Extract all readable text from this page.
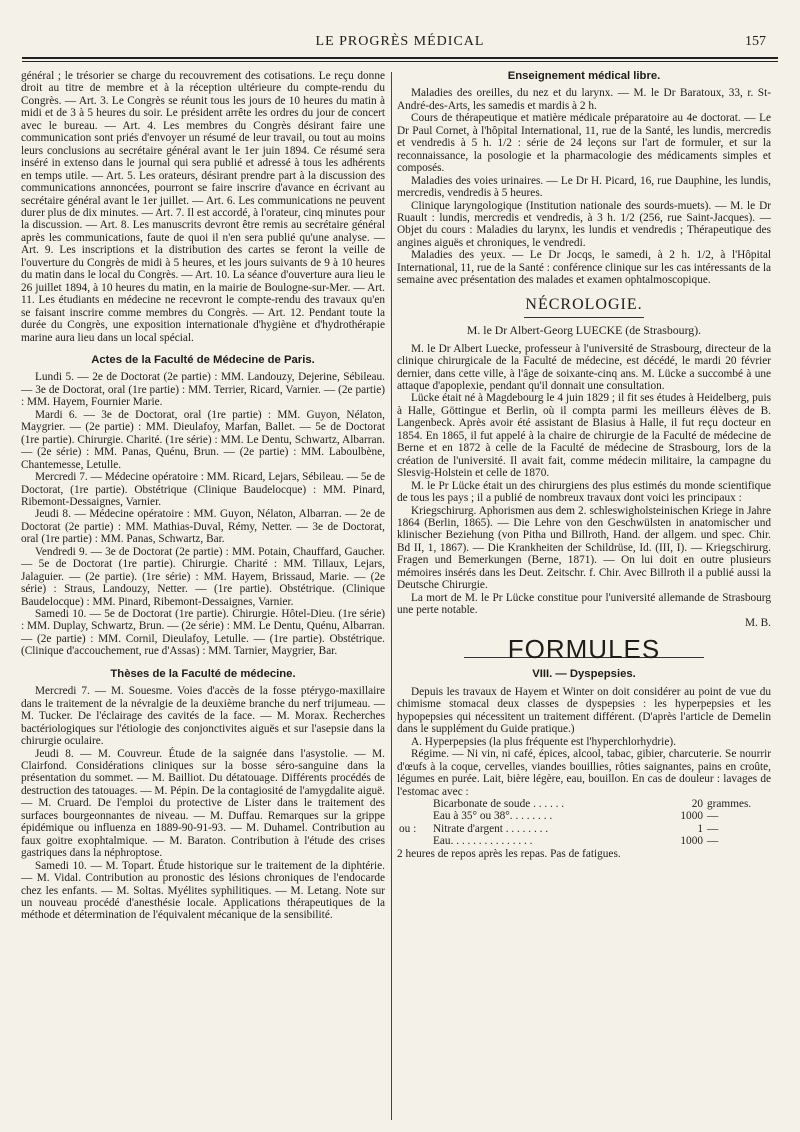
LE PROGRÈS MÉDICAL	157

général ; le trésorier se charge du recouvrement des cotisations. Le reçu donne droit au titre de membre et à la réception ultérieure du compte-rendu du Congrès. — Art. 3. Le Congrès se réunit tous les jours de 10 heures du matin à midi et de 3 à 5 heures du soir. Le président arrête les ordres du jour de concert avec le bureau. — Art. 4. Les membres du Congrès désirant faire une communication sont priés d'envoyer un résumé de leur travail, ou tout au moins leurs conclusions au secrétaire général avant le 1er juin 1894. Ce résumé sera inséré in extenso dans le journal qui sera publié et adressé à tous les adhérents en temps utile. — Art. 5. Les orateurs, désirant prendre part à la discussion des communications annoncées, pourront se faire inscrire d'avance en écrivant au secrétaire général avant le 1er juillet. — Art. 6. Les communications ne peuvent durer plus de dix minutes. — Art. 7. Il est accordé, à l'orateur, cinq minutes pour la discussion. — Art. 8. Les manuscrits devront être remis au secrétaire général après les communications, faute de quoi il n'en sera publié qu'une analyse. — Art. 9. Les inscriptions et la distribution des cartes se feront la veille de l'ouverture du Congrès de midi à 5 heures, et les jours suivants de 9 à 10 heures du matin dans le local du Congrès. — Art. 10. La séance d'ouverture aura lieu le 26 juillet 1894, à 10 heures du matin, en la mairie de Boulogne-sur-Mer. — Art. 11. Les étudiants en médecine ne recevront le compte-rendu des travaux qu'en se faisant inscrire comme membres du Congrès. — Art. 12. Pendant toute la durée du Congrès, une exposition internationale d'hygiène et d'hydrothérapie marine aura lieu dans un local spécial.

Actes de la Faculté de Médecine de Paris.

Lundi 5. — 2e de Doctorat (2e partie) : MM. Landouzy, Dejerine, Sébileau. — 3e de Doctorat, oral (1re partie) : MM. Terrier, Ricard, Varnier. — (2e partie) : MM. Hayem, Fournier Marie.

Mardi 6. — 3e de Doctorat, oral (1re partie) : MM. Guyon, Nélaton, Maygrier. — (2e partie) : MM. Dieulafoy, Marfan, Ballet. — 5e de Doctorat (1re partie). Chirurgie. Charité. (1re série) : MM. Le Dentu, Schwartz, Albarran. — (2e série) : MM. Panas, Quénu, Brun. — (2e partie) : MM. Laboulbène, Chantemesse, Letulle.

Mercredi 7. — Médecine opératoire : MM. Ricard, Lejars, Sébileau. — 5e de Doctorat, (1re partie). Obstétrique (Clinique Baudelocque) : MM. Pinard, Ribemont-Dessaignes, Varnier.

Jeudi 8. — Médecine opératoire : MM. Guyon, Nélaton, Albarran. — 2e de Doctorat (2e partie) : MM. Mathias-Duval, Rémy, Netter. — 3e de Doctorat, oral (1re partie) : MM. Panas, Schwartz, Bar.

Vendredi 9. — 3e de Doctorat (2e partie) : MM. Potain, Chauffard, Gaucher. — 5e de Doctorat (1re partie). Chirurgie. Charité : MM. Tillaux, Lejars, Jalaguier. — (2e partie). (1re série) : MM. Hayem, Brissaud, Marie. — (2e série) : Straus, Landouzy, Netter. — (1re partie). Obstétrique. (Clinique Baudelocque) : MM. Pinard, Ribemont-Dessaignes, Varnier.

Samedi 10. — 5e de Doctorat (1re partie). Chirurgie. Hôtel-Dieu. (1re série) : MM. Duplay, Schwartz, Brun. — (2e série) : MM. Le Dentu, Quénu, Albarran. — (2e partie) : MM. Cornil, Dieulafoy, Letulle. — (1re partie). Obstétrique. (Clinique d'accouchement, rue d'Assas) : MM. Tarnier, Maygrier, Bar.

Thèses de la Faculté de médecine.

Mercredi 7. — M. Souesme. Voies d'accès de la fosse ptérygo-maxillaire dans le traitement de la névralgie de la deuxième branche du nerf trijumeau. — M. Tucker. De l'éclairage des cavités de la face. — M. Morax. Recherches bactériologiques sur l'étiologie des conjonctivites aiguës et sur l'asepsie dans la chirurgie oculaire.

Jeudi 8. — M. Couvreur. Étude de la saignée dans l'asystolie. — M. Clairfond. Considérations cliniques sur la bosse séro-sanguine dans la présentation du sommet. — M. Bailliot. Du détatouage. Différents procédés de destruction des tatouages. — M. Pépin. De la contagiosité de l'amygdalite aiguë. — M. Cruard. De l'emploi du protective de Lister dans le traitement des surfaces bourgeonnantes de niveau. — M. Duffau. Remarques sur la grippe épidémique ou influenza en 1889-90-91-93. — M. Duhamel. Contribution au faux goitre exophtalmique. — M. Baraton. Contribution à l'étude des crises gastriques dans la néphroptose.

Samedi 10. — M. Topart. Étude historique sur le traitement de la diphtérie. — M. Vidal. Contribution au pronostic des lésions chroniques de l'endocarde chez les enfants. — M. Soltas. Myélites syphilitiques. — M. Letang. Note sur un nouveau procédé d'anesthésie locale. Applications thérapeutiques de la méthode et détermination de l'équivalent mécanique de la sensibilité.

Enseignement médical libre.

Maladies des oreilles, du nez et du larynx. — M. le Dr Baratoux, 33, r. St-André-des-Arts, les samedis et mardis à 2 h.

Cours de thérapeutique et matière médicale préparatoire au 4e doctorat. — Le Dr Paul Cornet, à l'hôpital International, 11, rue de la Santé, les lundis, mercredis et vendredis à 5 h. 1/2 : série de 24 leçons sur l'art de formuler, et sur la reconnaissance, la posologie et la pharmacologie des médicaments simples et composés.

Maladies des voies urinaires. — Le Dr H. Picard, 16, rue Dauphine, les lundis, mercredis, vendredis à 5 heures.

Clinique laryngologique (Institution nationale des sourds-muets). — M. le Dr Ruault : lundis, mercredis et vendredis, à 3 h. 1/2 (256, rue Saint-Jacques). — Objet du cours : Maladies du larynx, les lundis et vendredis ; Thérapeutique des angines aiguës et chroniques, le vendredi.

Maladies des yeux. — Le Dr Jocqs, le samedi, à 2 h. 1/2, à l'Hôpital International, 11, rue de la Santé : conférence clinique sur les cas intéressants de la semaine avec présentation des malades et examen ophtalmoscopique.

NÉCROLOGIE.
M. le Dr Albert-Georg LUECKE (de Strasbourg).

M. le Dr Albert Luecke, professeur à l'université de Strasbourg, directeur de la clinique chirurgicale de la Faculté de médecine, est décédé, le mardi 20 février dernier, dans cette ville, à l'âge de soixante-cinq ans. M. Lücke a succombé à une attaque d'apoplexie, pendant qu'il donnait une consultation.

Lücke était né à Magdebourg le 4 juin 1829 ; il fit ses études à Heidelberg, puis à Halle, Göttingue et Berlin, où il compta parmi les meilleurs élèves de B. Langenbeck. Après avoir été assistant de Blasius à Halle, il fut reçu docteur en 1854. En 1865, il fut appelé à la chaire de chirurgie de la Faculté de médecine de Berne et en 1872 à celle de la Faculté de médecine de Strasbourg, lors de la création de l'université. Il avait fait, comme médecin militaire, la campagne du Slesvig-Holstein et celle de 1870.

M. le Pr Lücke était un des chirurgiens des plus estimés du monde scientifique de tous les pays ; il a publié de nombreux travaux dont voici les principaux :

Kriegschirurg. Aphorismen aus dem 2. schleswigholsteinischen Kriege in Jahre 1864 (Berlin, 1865). — Die Lehre von den Geschwülsten in anatomischer und klinischer Beziehung (von Pitha und Billroth, Hand. der allgem. und spec. Chir. Bd II, 1, 1867). — Die Krankheiten der Schildrüse, Id. (III, I). — Kriegschirurg. Fragen und Bemerkungen (Berne, 1871). — On lui doit en outre plusieurs mémoires insérés dans les Deut. Zeitschr. f. Chir. Avec Billroth il a publié aussi la Deutsche Chirurgie.

La mort de M. le Pr Lücke constitue pour l'université allemande de Strasbourg une perte notable.

M. B.
FORMULES
VIII. — Dyspepsies.

Depuis les travaux de Hayem et Winter on doit considérer au point de vue du chimisme stomacal deux classes de dyspepsies : les hyperpepsies et les hypopepsies qui nécessitent un traitement différent. (D'après l'article de Demelin dans le supplément du Guide pratique.)

A. Hyperpepsies (la plus fréquente est l'hyperchlorhydrie).

Régime. — Ni vin, ni café, épices, alcool, tabac, gibier, charcuterie. Se nourrir d'œufs à la coque, cervelles, viandes bouillies, rôties saignantes, pains en croûte, légumes en purée. Lait, bière légère, eau, bouillon. En cas de douleur : lavages de l'estomac avec :

Bicarbonate de soude . . . . . .	20 grammes.
Eau à 35° ou 38°. . . . . . . .	1000 —
ou :	Nitrate d'argent . . . . . . . .	1 —
Eau. . . . . . . . . . . . . . .	1000 —

2 heures de repos après les repas. Pas de fatigues.
